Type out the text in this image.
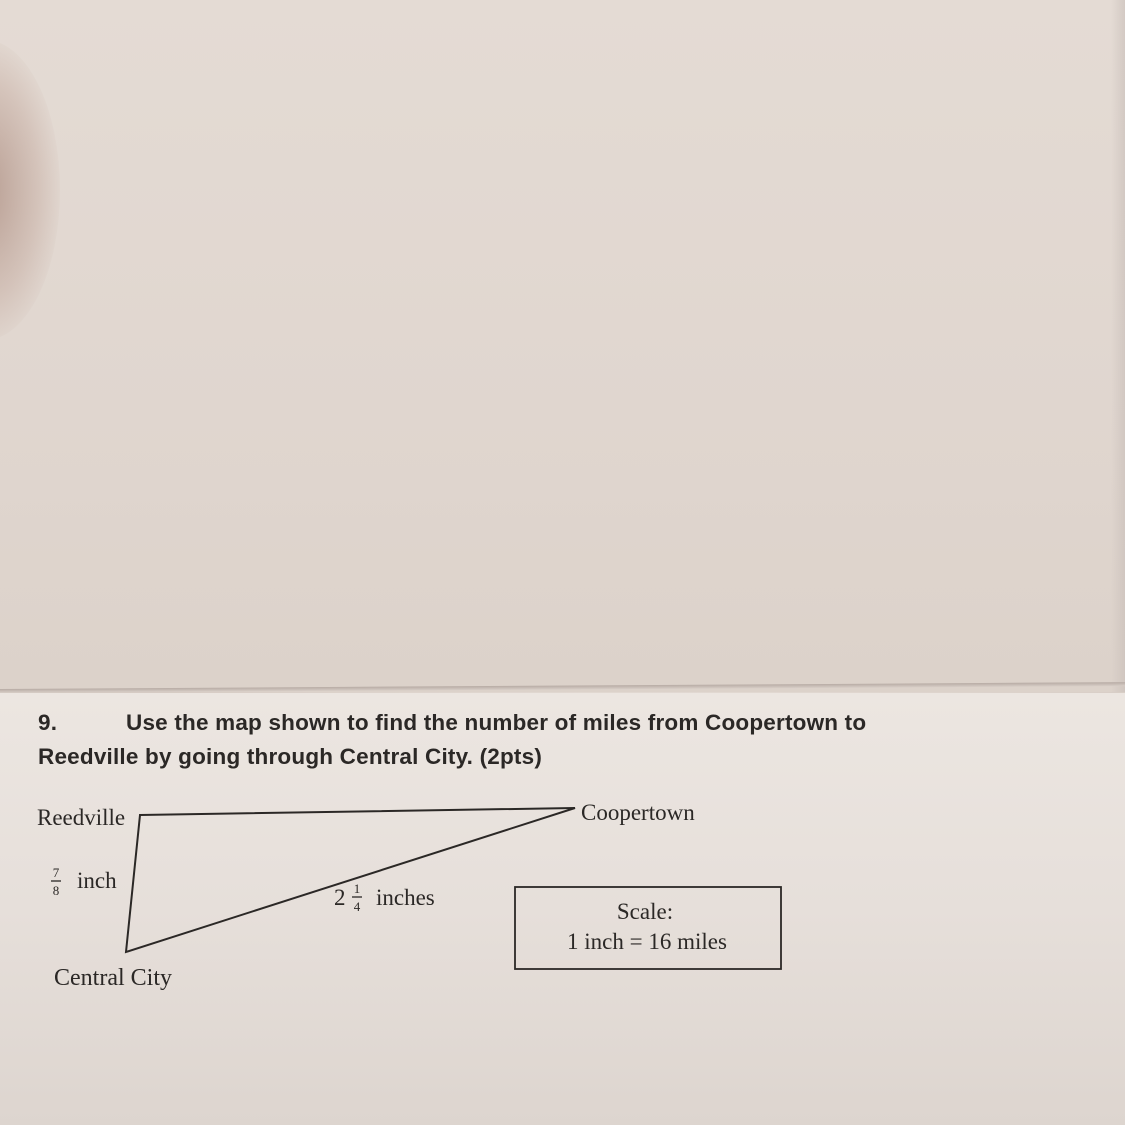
9.	Use the map shown to find the number of miles from Coopertown to
Reedville by going through Central City. (2pts)
Reedville	Coopertown
Central City
7
8 inch
2 1
4 inches
Scale:
1 inch = 16 miles
